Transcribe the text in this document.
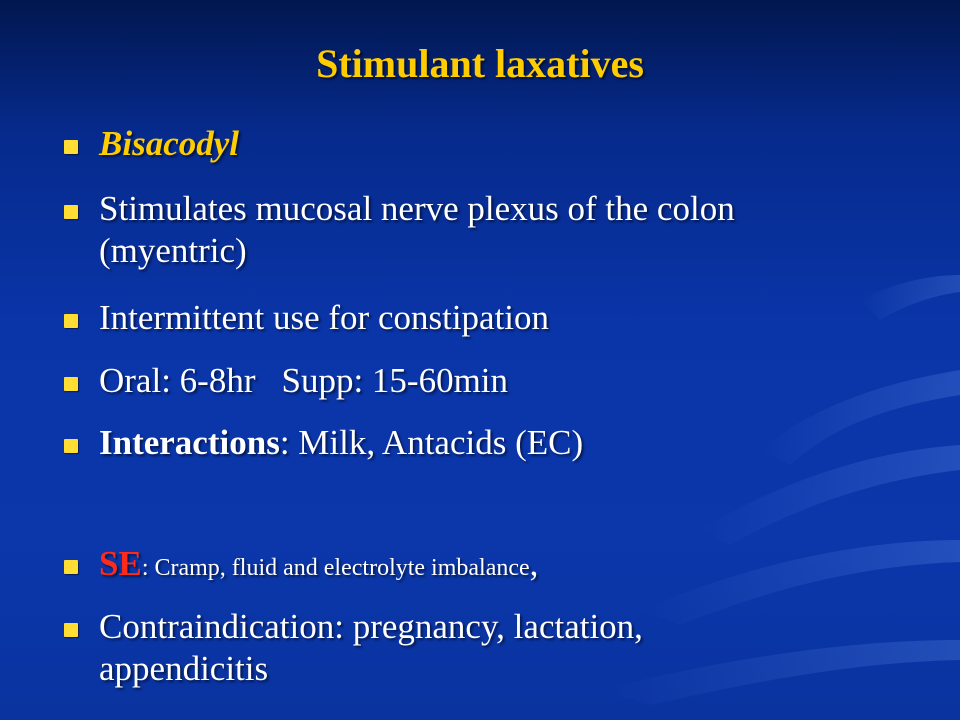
Stimulant laxatives
Bisacodyl
Stimulates mucosal nerve plexus of the colon
(myentric)
Intermittent use for constipation
Oral: 6-8hr Supp: 15-60min
Interactions: Milk, Antacids (EC)
SE: Cramp, fluid and electrolyte imbalance,
Contraindication: pregnancy, lactation,
appendicitis
